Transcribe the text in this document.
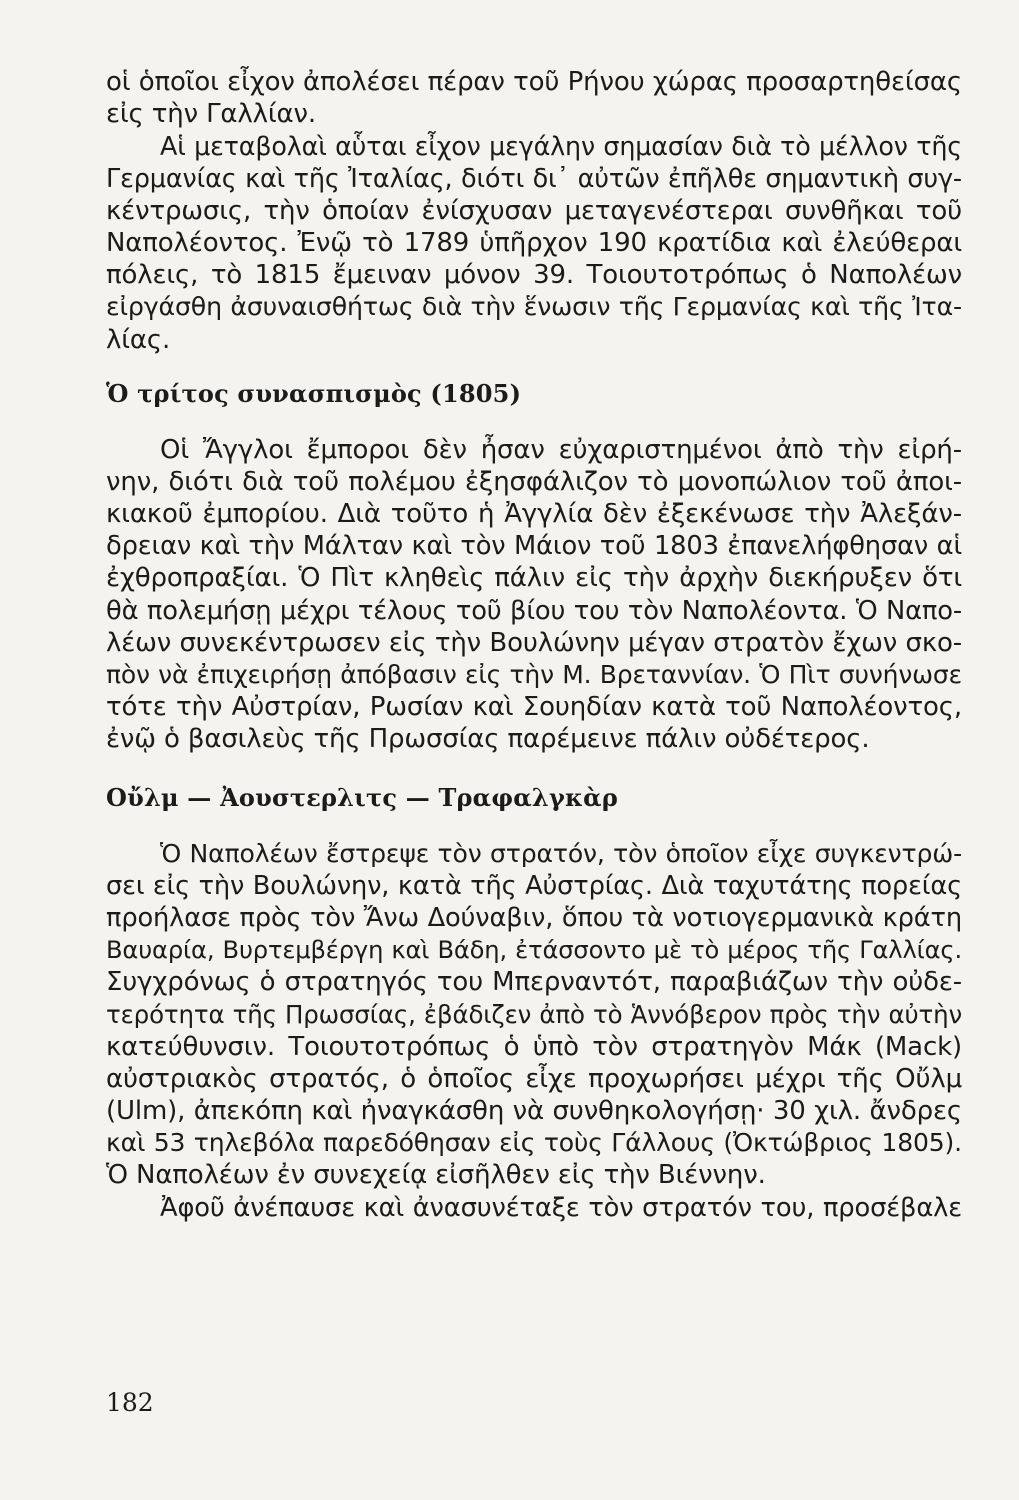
οἱ ὁποῖοι εἶχον ἀπολέσει πέραν τοῦ Ρήνου χώρας προσαρτηθείσας
εἰς τὴν Γαλλίαν.
Αἱ μεταβολαὶ αὗται εἶχον μεγάλην σημασίαν διὰ τὸ μέλλον τῆς
Γερμανίας καὶ τῆς Ἰταλίας, διότι δι᾿ αὐτῶν ἐπῆλθε σημαντικὴ συγ-
κέντρωσις, τὴν ὁποίαν ἐνίσχυσαν μεταγενέστεραι συνθῆκαι τοῦ
Ναπολέοντος. Ἐνῷ τὸ 1789 ὑπῆρχον 190 κρατίδια καὶ ἐλεύθεραι
πόλεις, τὸ 1815 ἔμειναν μόνον 39. Τοιουτοτρόπως ὁ Ναπολέων
εἰργάσθη ἀσυναισθήτως διὰ τὴν ἕνωσιν τῆς Γερμανίας καὶ τῆς Ἰτα-
λίας.
Ὁ τρίτος συνασπισμὸς (1805)
Οἱ Ἄγγλοι ἔμποροι δὲν ἦσαν εὐχαριστημένοι ἀπὸ τὴν εἰρή-
νην, διότι διὰ τοῦ πολέμου ἐξησφάλιζον τὸ μονοπώλιον τοῦ ἀποι-
κιακοῦ ἐμπορίου. Διὰ τοῦτο ἡ Ἀγγλία δὲν ἐξεκένωσε τὴν Ἀλεξάν-
δρειαν καὶ τὴν Μάλταν καὶ τὸν Μάιον τοῦ 1803 ἐπανελήφθησαν αἱ
ἐχθροπραξίαι. Ὁ Πὶτ κληθεὶς πάλιν εἰς τὴν ἀρχὴν διεκήρυξεν ὅτι
θὰ πολεμήσῃ μέχρι τέλους τοῦ βίου του τὸν Ναπολέοντα. Ὁ Ναπο-
λέων συνεκέντρωσεν εἰς τὴν Βουλώνην μέγαν στρατὸν ἔχων σκο-
πὸν νὰ ἐπιχειρήσῃ ἀπόβασιν εἰς τὴν Μ. Βρεταννίαν. Ὁ Πὶτ συνήνωσε
τότε τὴν Αὐστρίαν, Ρωσίαν καὶ Σουηδίαν κατὰ τοῦ Ναπολέοντος,
ἐνῷ ὁ βασιλεὺς τῆς Πρωσσίας παρέμεινε πάλιν οὐδέτερος.
Οὔλμ — Ἀουστερλιτς — Τραφαλγκὰρ
Ὁ Ναπολέων ἔστρεψε τὸν στρατόν, τὸν ὁποῖον εἶχε συγκεντρώ-
σει εἰς τὴν Βουλώνην, κατὰ τῆς Αὐστρίας. Διὰ ταχυτάτης πορείας
προήλασε πρὸς τὸν Ἄνω Δούναβιν, ὅπου τὰ νοτιογερμανικὰ κράτη
Βαυαρία, Βυρτεμβέργη καὶ Βάδη, ἐτάσσοντο μὲ τὸ μέρος τῆς Γαλλίας.
Συγχρόνως ὁ στρατηγός του Μπερναντότ, παραβιάζων τὴν οὐδε-
τερότητα τῆς Πρωσσίας, ἐβάδιζεν ἀπὸ τὸ Ἁννόβερον πρὸς τὴν αὐτὴν
κατεύθυνσιν. Τοιουτοτρόπως ὁ ὑπὸ τὸν στρατηγὸν Μάκ (Mack)
αὐστριακὸς στρατός, ὁ ὁποῖος εἶχε προχωρήσει μέχρι τῆς Οὔλμ
(Ulm), ἀπεκόπη καὶ ἠναγκάσθη νὰ συνθηκολογήσῃ· 30 χιλ. ἄνδρες
καὶ 53 τηλεβόλα παρεδόθησαν εἰς τοὺς Γάλλους (Ὀκτώβριος 1805).
Ὁ Ναπολέων ἐν συνεχείᾳ εἰσῆλθεν εἰς τὴν Βιέννην.
Ἀφοῦ ἀνέπαυσε καὶ ἀνασυνέταξε τὸν στρατόν του, προσέβαλε
182
